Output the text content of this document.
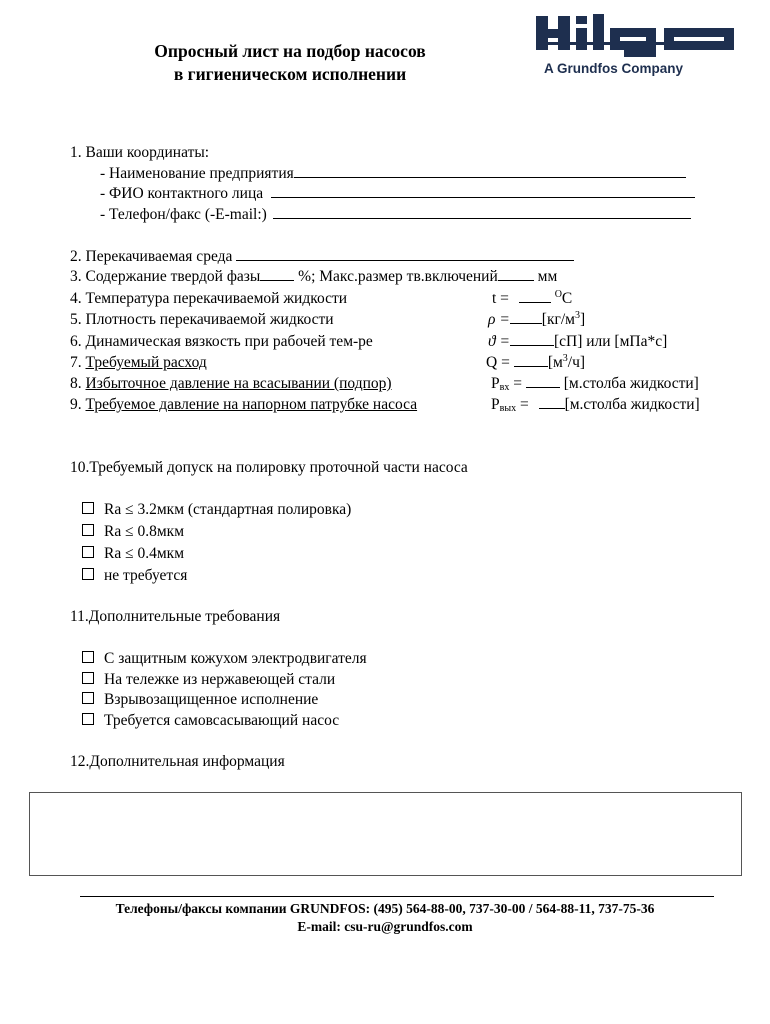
Опросный лист на подбор насосов
в гигиеническом исполнении	A Grundfos Company
1. Ваши координаты:
- Наименование предприятия
- ФИО контактного лица
- Телефон/факс (-E-mail:)
2. Перекачиваемая среда
3. Содержание твердой фазы %; Макс.размер тв.включений мм
4. Температура перекачиваемой жидкости	t =	$^O$C
5. Плотность перекачиваемой жидкости	$\rho = [кг/м^3]$
6. Динамическая вязкость при рабочей тем-ре	ϑ =	[сП] или [мПа*с]
7. Требуемый расход	$Q = [м^3/ч]$
8. Избыточное давление на всасывании (подпор)	$P_{вх}$ =	[м.столба жидкости]
9. Требуемое давление на напорном патрубке насоса	$P_{вых}$ = [м.столба жидкости]
10.Требуемый допуск на полировку проточной части насоса
Ra ≤ 3.2мкм (стандартная полировка)
Ra ≤ 0.8мкм
Ra ≤ 0.4мкм
не требуется
11.Дополнительные требования
С защитным кожухом электродвигателя
На тележке из нержавеющей стали
Взрывозащищенное исполнение
Требуется самовсасывающий насос
12.Дополнительная информация
Телефоны/факсы компании GRUNDFOS: (495) 564-88-00, 737-30-00 / 564-88-11, 737-75-36
E-mail: csu-ru@grundfos.com
